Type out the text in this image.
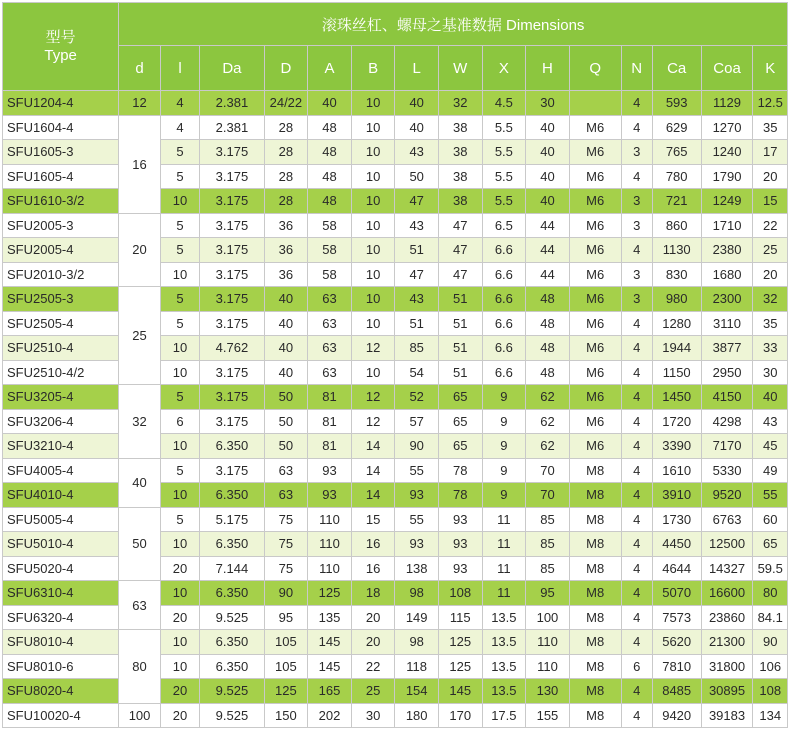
型号
Type	滚珠丝杠、螺母之基准数据 Dimensions														
	d	l	Da	D	A	B	L	W	X	H	Q	N	Ca	Coa	K
SFU1204-4	12	4	2.381	24/22	40	10	40	32	4.5	30		4	593	1129	12.5
SFU1604-4	16	4	2.381	28	48	10	40	38	5.5	40	M6	4	629	1270	35
SFU1605-3		5	3.175	28	48	10	43	38	5.5	40	M6	3	765	1240	17
SFU1605-4		5	3.175	28	48	10	50	38	5.5	40	M6	4	780	1790	20
SFU1610-3/2		10	3.175	28	48	10	47	38	5.5	40	M6	3	721	1249	15
SFU2005-3	20	5	3.175	36	58	10	43	47	6.5	44	M6	3	860	1710	22
SFU2005-4		5	3.175	36	58	10	51	47	6.6	44	M6	4	1130	2380	25
SFU2010-3/2		10	3.175	36	58	10	47	47	6.6	44	M6	3	830	1680	20
SFU2505-3	25	5	3.175	40	63	10	43	51	6.6	48	M6	3	980	2300	32
SFU2505-4		5	3.175	40	63	10	51	51	6.6	48	M6	4	1280	3110	35
SFU2510-4		10	4.762	40	63	12	85	51	6.6	48	M6	4	1944	3877	33
SFU2510-4/2		10	3.175	40	63	10	54	51	6.6	48	M6	4	1150	2950	30
SFU3205-4	32	5	3.175	50	81	12	52	65	9	62	M6	4	1450	4150	40
SFU3206-4		6	3.175	50	81	12	57	65	9	62	M6	4	1720	4298	43
SFU3210-4		10	6.350	50	81	14	90	65	9	62	M6	4	3390	7170	45
SFU4005-4	40	5	3.175	63	93	14	55	78	9	70	M8	4	1610	5330	49
SFU4010-4		10	6.350	63	93	14	93	78	9	70	M8	4	3910	9520	55
SFU5005-4	50	5	5.175	75	110	15	55	93	11	85	M8	4	1730	6763	60
SFU5010-4		10	6.350	75	110	16	93	93	11	85	M8	4	4450	12500	65
SFU5020-4		20	7.144	75	110	16	138	93	11	85	M8	4	4644	14327	59.5
SFU6310-4	63	10	6.350	90	125	18	98	108	11	95	M8	4	5070	16600	80
SFU6320-4		20	9.525	95	135	20	149	115	13.5	100	M8	4	7573	23860	84.1
SFU8010-4	80	10	6.350	105	145	20	98	125	13.5	110	M8	4	5620	21300	90
SFU8010-6		10	6.350	105	145	22	118	125	13.5	110	M8	6	7810	31800	106
SFU8020-4		20	9.525	125	165	25	154	145	13.5	130	M8	4	8485	30895	108
SFU10020-4	100	20	9.525	150	202	30	180	170	17.5	155	M8	4	9420	39183	134
